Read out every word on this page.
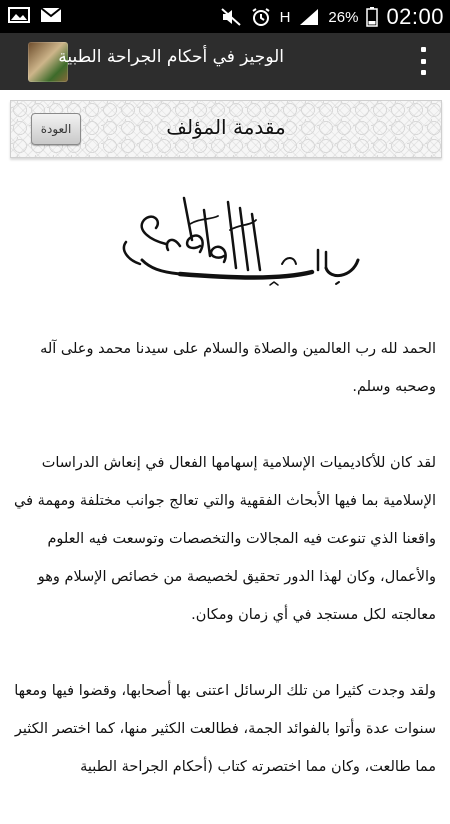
H	26% 02:00
الوجيز في أحكام الجراحة الطبية
مقدمة المؤلف
العودة

الحمد لله رب العالمين والصلاة والسلام على سيدنا محمد وعلى آله وصحبه وسلم.

لقد كان للأكاديميات الإسلامية إسهامها الفعال في إنعاش الدراسات الإسلامية بما فيها الأبحاث الفقهية والتي تعالج جوانب مختلفة ومهمة في واقعنا الذي تنوعت فيه المجالات والتخصصات وتوسعت فيه العلوم والأعمال، وكان لهذا الدور تحقيق لخصيصة من خصائص الإسلام وهو معالجته لكل مستجد في أي زمان ومكان.

ولقد وجدت كثيرا من تلك الرسائل اعتنى بها أصحابها، وقضوا فيها ومعها سنوات عدة وأتوا بالفوائد الجمة، فطالعت الكثير منها، كما اختصر الكثير مما طالعت، وكان مما اختصرته كتاب (أحكام الجراحة الطبية
